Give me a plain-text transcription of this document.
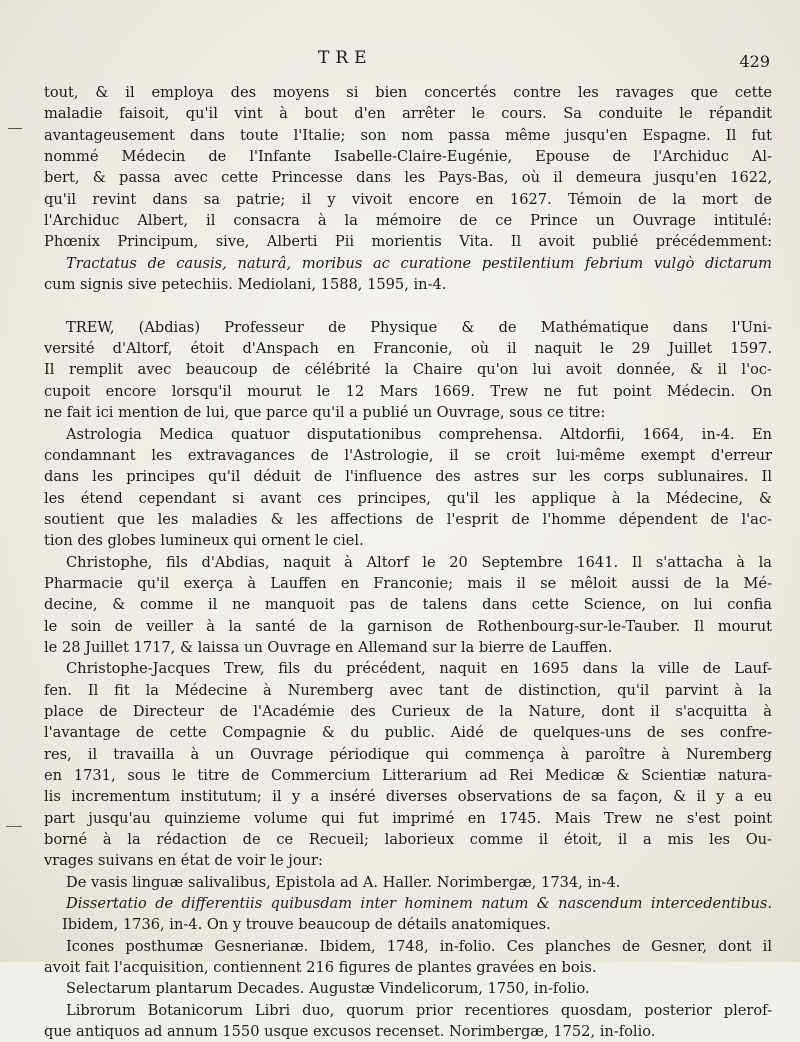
TRE	429
tout, & il employa des moyens si bien concertés contre les ravages que cette
maladie faisoit, qu'il vint à bout d'en arrêter le cours. Sa conduite le répandit
avantageusement dans toute l'Italie; son nom passa même jusqu'en Espagne. Il fut
nommé Médecin de l'Infante Isabelle-Claire-Eugénie, Epouse de l'Archiduc Al-
bert, & passa avec cette Princesse dans les Pays-Bas, où il demeura jusqu'en 1622,
qu'il revint dans sa patrie; il y vivoit encore en 1627. Témoin de la mort de
l'Archiduc Albert, il consacra à la mémoire de ce Prince un Ouvrage intitulé:
Phœnix Principum, sive, Alberti Pii morientis Vita. Il avoit publié précédemment:
Tractatus de causis, naturâ, moribus ac curatione pestilentium febrium vulgò dictarum
cum signis sive petechiis. Mediolani, 1588, 1595, in-4.
TREW, (Abdias) Professeur de Physique & de Mathématique dans l'Uni-
versité d'Altorf, étoit d'Anspach en Franconie, où il naquit le 29 Juillet 1597.
Il remplit avec beaucoup de célébrité la Chaire qu'on lui avoit donnée, & il l'oc-
cupoit encore lorsqu'il mourut le 12 Mars 1669. Trew ne fut point Médecin. On
ne fait ici mention de lui, que parce qu'il a publié un Ouvrage, sous ce titre:
Astrologia Medica quatuor disputationibus comprehensa. Altdorfii, 1664, in-4. En
condamnant les extravagances de l'Astrologie, il se croit lui-même exempt d'erreur
dans les principes qu'il déduit de l'influence des astres sur les corps sublunaires. Il
les étend cependant si avant ces principes, qu'il les applique à la Médecine, &
soutient que les maladies & les affections de l'esprit de l'homme dépendent de l'ac-
tion des globes lumineux qui ornent le ciel.
Christophe, fils d'Abdias, naquit à Altorf le 20 Septembre 1641. Il s'attacha à la
Pharmacie qu'il exerça à Lauffen en Franconie; mais il se mêloit aussi de la Mé-
decine, & comme il ne manquoit pas de talens dans cette Science, on lui confia
le soin de veiller à la santé de la garnison de Rothenbourg-sur-le-Tauber. Il mourut
le 28 Juillet 1717, & laissa un Ouvrage en Allemand sur la bierre de Lauffen.
Christophe-Jacques Trew, fils du précédent, naquit en 1695 dans la ville de Lauf-
fen. Il fit la Médecine à Nuremberg avec tant de distinction, qu'il parvint à la
place de Directeur de l'Académie des Curieux de la Nature, dont il s'acquitta à
l'avantage de cette Compagnie & du public. Aidé de quelques-uns de ses confre-
res, il travailla à un Ouvrage périodique qui commença à paroître à Nuremberg
en 1731, sous le titre de Commercium Litterarium ad Rei Medicæ & Scientiæ natura-
lis incrementum institutum; il y a inséré diverses observations de sa façon, & il y a eu
part jusqu'au quinzieme volume qui fut imprimé en 1745. Mais Trew ne s'est point
borné à la rédaction de ce Recueil; laborieux comme il étoit, il a mis les Ou-
vrages suivans en état de voir le jour:
De vasis linguæ salivalibus, Epistola ad A. Haller. Norimbergæ, 1734, in-4.
Dissertatio de differentiis quibusdam inter hominem natum & nascendum intercedentibus.
Ibidem, 1736, in-4. On y trouve beaucoup de détails anatomiques.
Icones posthumæ Gesnerianæ. Ibidem, 1748, in-folio. Ces planches de Gesner, dont il
avoit fait l'acquisition, contiennent 216 figures de plantes gravées en bois.
Selectarum plantarum Decades. Augustæ Vindelicorum, 1750, in-folio.
Librorum Botanicorum Libri duo, quorum prior recentiores quosdam, posterior plerof-
que antiquos ad annum 1550 usque excusos recenset. Norimbergæ, 1752, in-folio.
